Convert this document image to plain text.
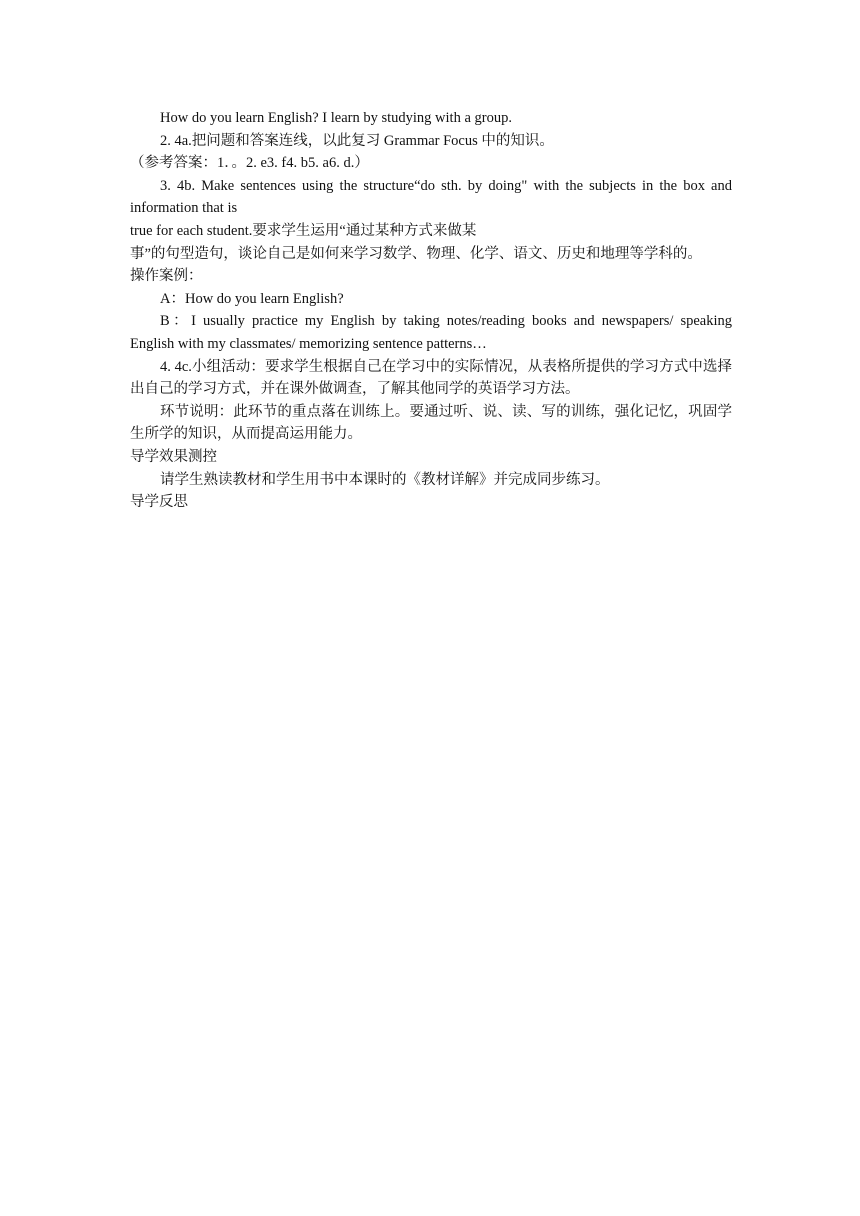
How do you learn English? I learn by studying with a group.

2. 4a.把问题和答案连线，以此复习 Grammar Focus 中的知识。

（参考答案：1．。2. e3. f4. b5. a6. d.）

3. 4b. Make sentences using the structure“do sth. by doing" with the subjects in the box and information that is

true for each student.要求学生运用“通过某种方式来做某

事”的句型造句，谈论自己是如何来学习数学、物理、化学、语文、历史和地理等学科的。

操作案例：

A：How do you learn English?

B：I usually practice my English by taking notes/reading books and newspapers/ speaking English with my classmates/ memorizing sentence patterns…

4. 4c.小组活动：要求学生根据自己在学习中的实际情况，从表格所提供的学习方式中选择出自己的学习方式，并在课外做调查，了解其他同学的英语学习方法。

环节说明：此环节的重点落在训练上。要通过听、说、读、写的训练，强化记忆，巩固学生所学的知识，从而提高运用能力。

导学效果测控

请学生熟读教材和学生用书中本课时的《教材详解》并完成同步练习。

导学反思
